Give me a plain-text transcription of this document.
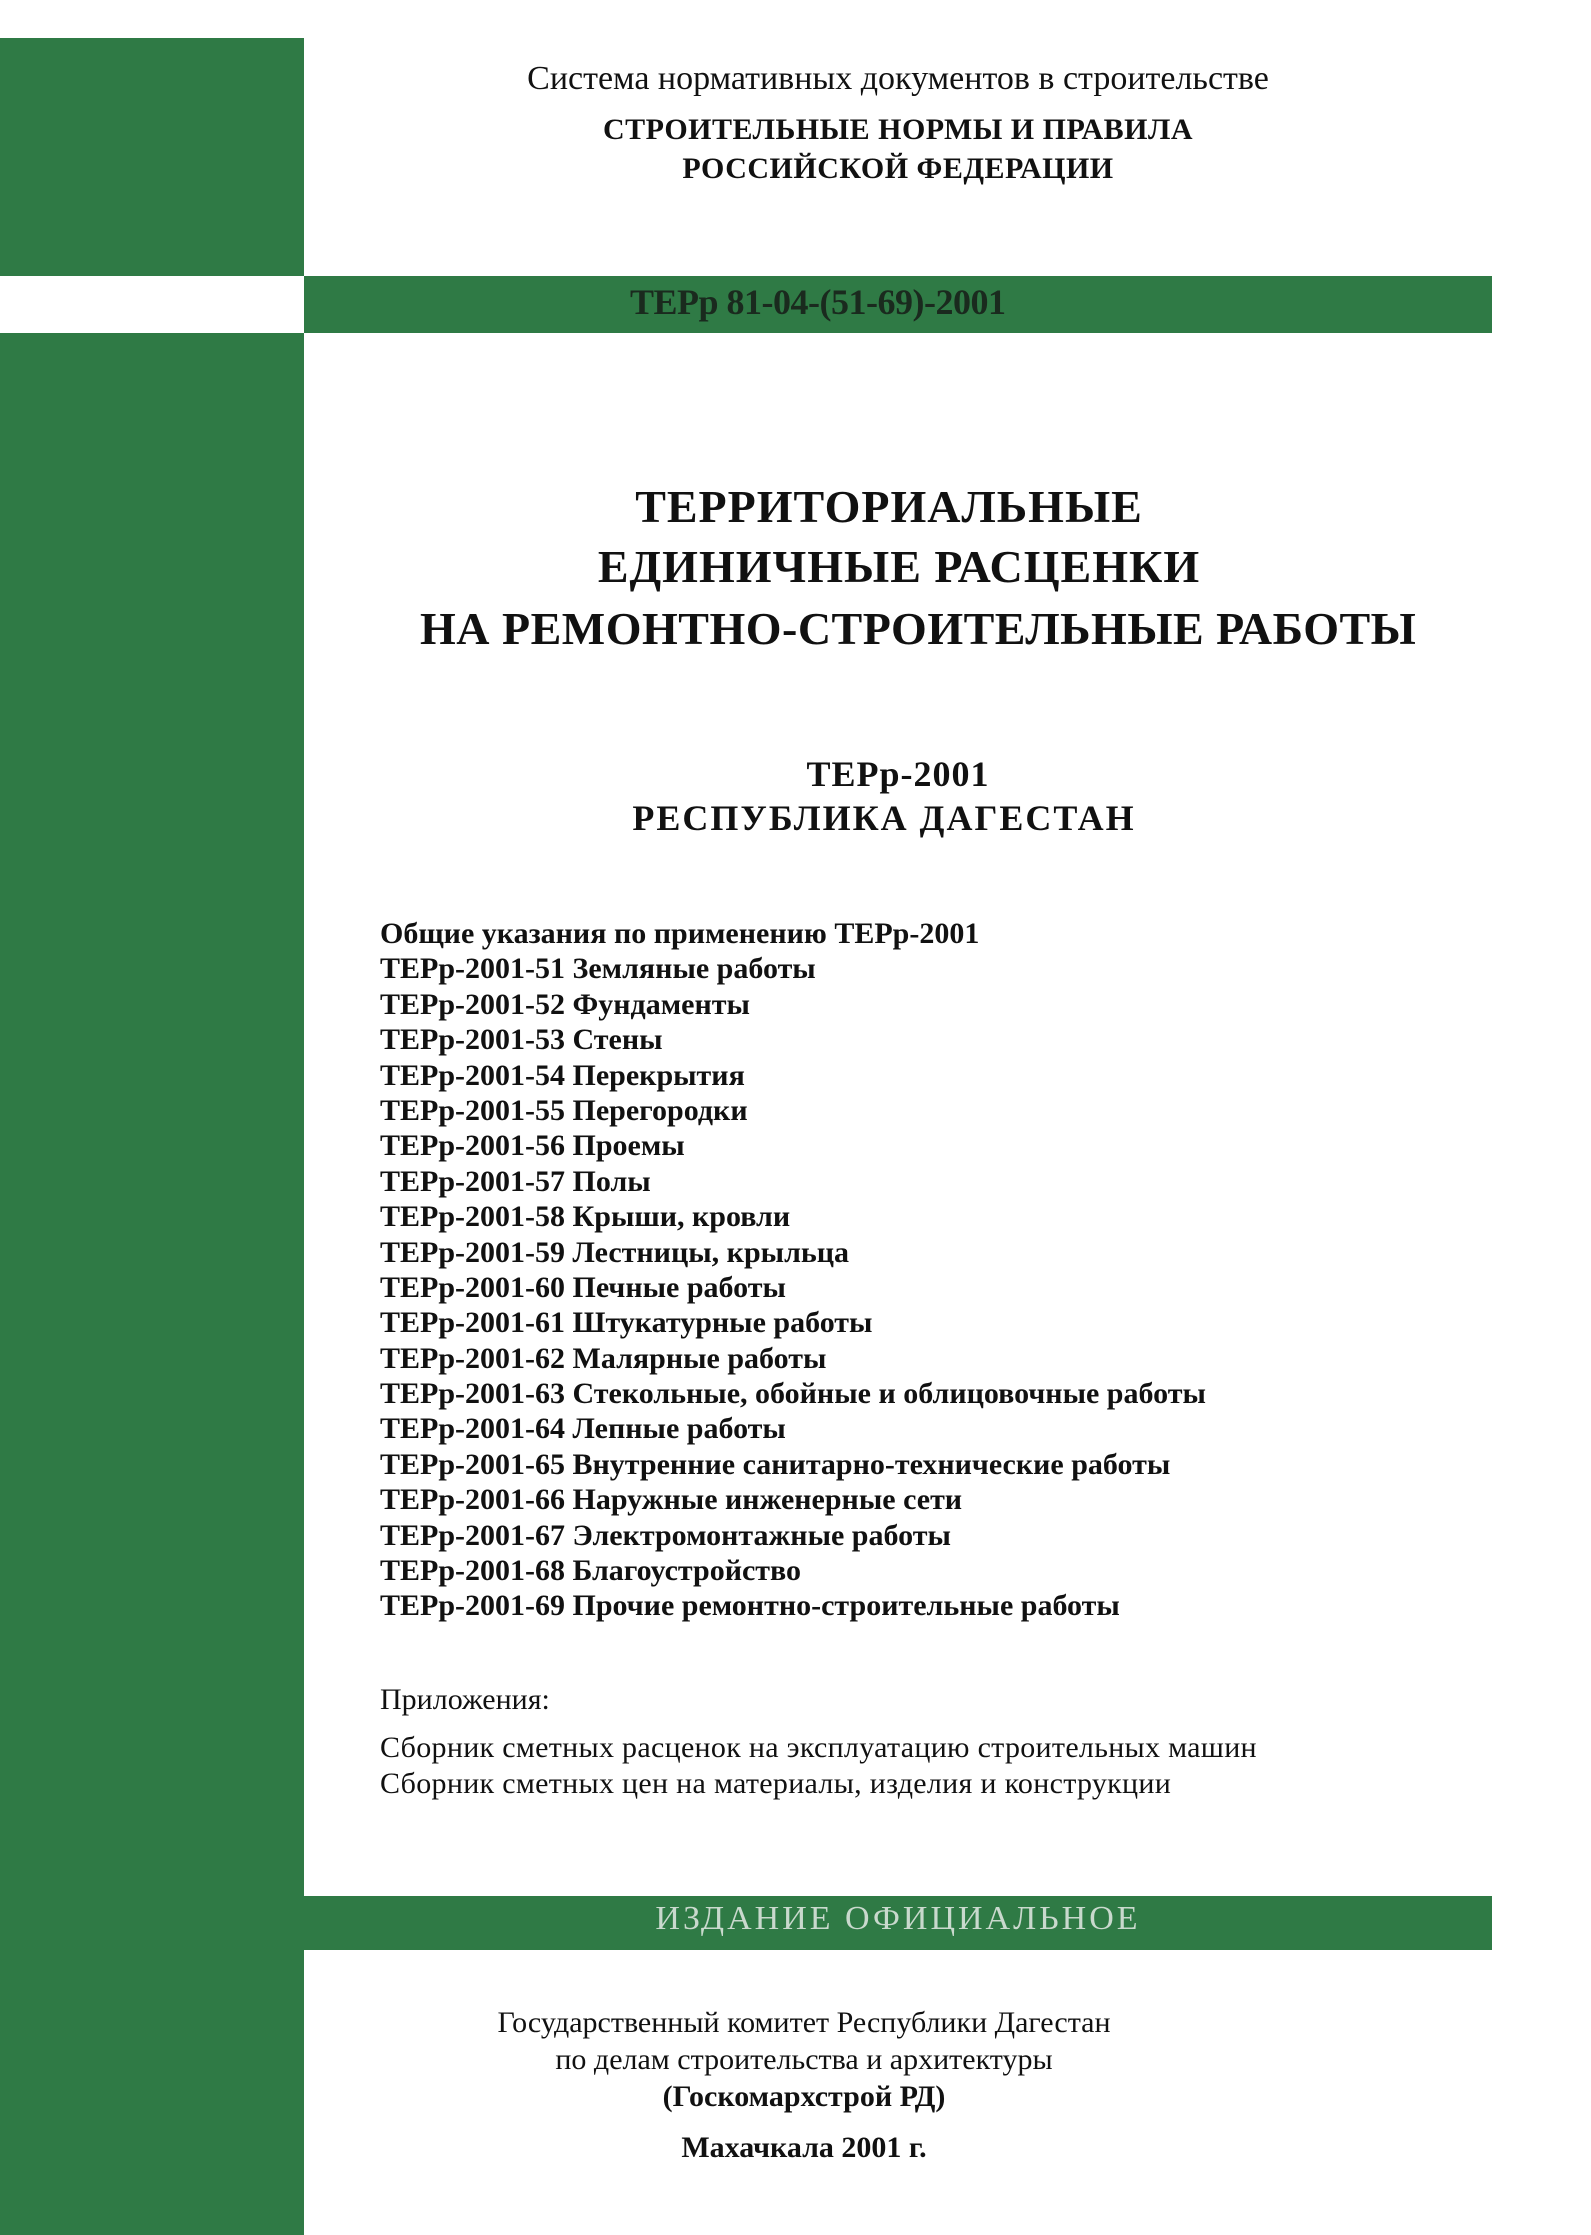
Система нормативных документов в строительстве
СТРОИТЕЛЬНЫЕ НОРМЫ И ПРАВИЛА
РОССИЙСКОЙ ФЕДЕРАЦИИ
ТЕРр 81-04-(51-69)-2001
ТЕРРИТОРИАЛЬНЫЕ
ЕДИНИЧНЫЕ РАСЦЕНКИ
НА РЕМОНТНО-СТРОИТЕЛЬНЫЕ РАБОТЫ
ТЕРр-2001
РЕСПУБЛИКА ДАГЕСТАН
Общие указания по применению ТЕРр-2001
ТЕРр-2001-51 Земляные работы
ТЕРр-2001-52 Фундаменты
ТЕРр-2001-53 Стены
ТЕРр-2001-54 Перекрытия
ТЕРр-2001-55 Перегородки
ТЕРр-2001-56 Проемы
ТЕРр-2001-57 Полы
ТЕРр-2001-58 Крыши, кровли
ТЕРр-2001-59 Лестницы, крыльца
ТЕРр-2001-60 Печные работы
ТЕРр-2001-61 Штукатурные работы
ТЕРр-2001-62 Малярные работы
ТЕРр-2001-63 Стекольные, обойные и облицовочные работы
ТЕРр-2001-64 Лепные работы
ТЕРр-2001-65 Внутренние санитарно-технические работы
ТЕРр-2001-66 Наружные инженерные сети
ТЕРр-2001-67 Электромонтажные работы
ТЕРр-2001-68 Благоустройство
ТЕРр-2001-69 Прочие ремонтно-строительные работы
Приложения:
Сборник сметных расценок на эксплуатацию строительных машин
Сборник сметных цен на материалы, изделия и конструкции
ИЗДАНИЕ ОФИЦИАЛЬНОЕ
Государственный комитет Республики Дагестан
по делам строительства и архитектуры
(Госкомархстрой РД)
Махачкала 2001 г.
